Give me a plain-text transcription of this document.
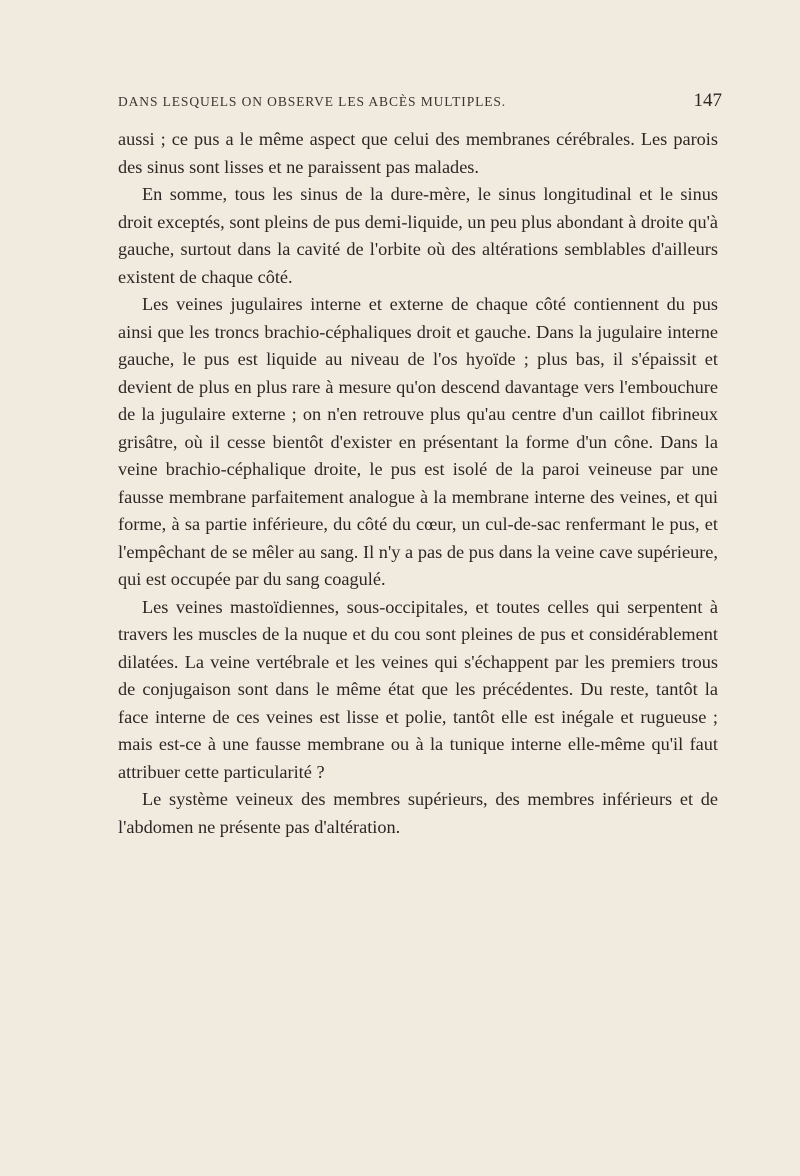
DANS LESQUELS ON OBSERVE LES ABCÈS MULTIPLES.	147

aussi ; ce pus a le même aspect que celui des membranes cérébrales. Les parois des sinus sont lisses et ne paraissent pas malades.

En somme, tous les sinus de la dure-mère, le sinus longitudinal et le sinus droit exceptés, sont pleins de pus demi-liquide, un peu plus abondant à droite qu'à gauche, surtout dans la cavité de l'orbite où des altérations semblables d'ailleurs existent de chaque côté.

Les veines jugulaires interne et externe de chaque côté contiennent du pus ainsi que les troncs brachio-céphaliques droit et gauche. Dans la jugulaire interne gauche, le pus est liquide au niveau de l'os hyoïde ; plus bas, il s'épaissit et devient de plus en plus rare à mesure qu'on descend davantage vers l'embouchure de la jugulaire externe ; on n'en retrouve plus qu'au centre d'un caillot fibrineux grisâtre, où il cesse bientôt d'exister en présentant la forme d'un cône. Dans la veine brachio-céphalique droite, le pus est isolé de la paroi veineuse par une fausse membrane parfaitement analogue à la membrane interne des veines, et qui forme, à sa partie inférieure, du côté du cœur, un cul-de-sac renfermant le pus, et l'empêchant de se mêler au sang. Il n'y a pas de pus dans la veine cave supérieure, qui est occupée par du sang coagulé.

Les veines mastoïdiennes, sous-occipitales, et toutes celles qui serpentent à travers les muscles de la nuque et du cou sont pleines de pus et considérablement dilatées. La veine vertébrale et les veines qui s'échappent par les premiers trous de conjugaison sont dans le même état que les précédentes. Du reste, tantôt la face interne de ces veines est lisse et polie, tantôt elle est inégale et rugueuse ; mais est-ce à une fausse membrane ou à la tunique interne elle-même qu'il faut attribuer cette particularité ?

Le système veineux des membres supérieurs, des membres inférieurs et de l'abdomen ne présente pas d'altération.
